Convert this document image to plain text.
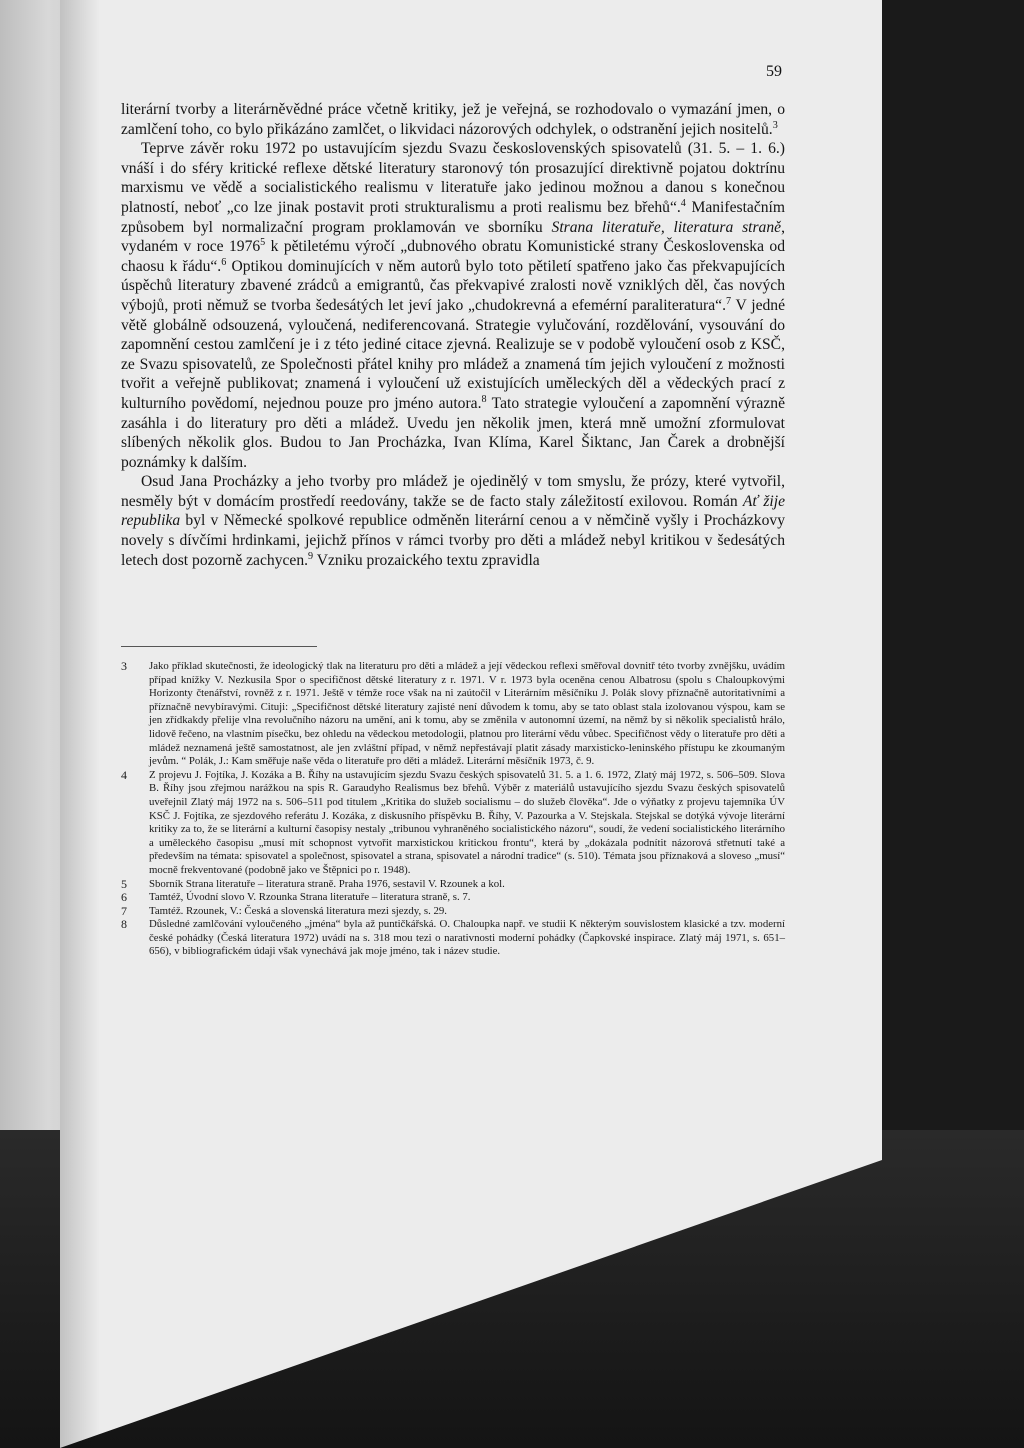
59

literární tvorby a literárněvědné práce včetně kritiky, jež je veřejná, se rozhodovalo o vymazání jmen, o zamlčení toho, co bylo přikázáno zamlčet, o likvidaci názorových odchylek, o odstranění jejich nositelů.$^3$

Teprve závěr roku 1972 po ustavujícím sjezdu Svazu československých spisovatelů (31. 5. – 1. 6.) vnáší i do sféry kritické reflexe dětské literatury staronový tón prosazující direktivně pojatou doktrínu marxismu ve vědě a socialistického realismu v literatuře jako jedinou možnou a danou s konečnou platností, neboť „co lze jinak postavit proti strukturalismu a proti realismu bez břehů“.$^4$ Manifestačním způsobem byl normalizační program proklamován ve sborníku Strana literatuře, literatura straně, vydaném v roce 1976$^5$ k pětiletému výročí „dubnového obratu Komunistické strany Československa od chaosu k řádu“.$^6$ Optikou dominujících v něm autorů bylo toto pětiletí spatřeno jako čas překvapujících úspěchů literatury zbavené zrádců a emigrantů, čas překvapivé zralosti nově vzniklých děl, čas nových výbojů, proti němuž se tvorba šedesátých let jeví jako „chudokrevná a efemérní paraliteratura“.$^7$ V jedné větě globálně odsouzená, vyloučená, nediferencovaná. Strategie vylučování, rozdělování, vysouvání do zapomnění cestou zamlčení je i z této jediné citace zjevná. Realizuje se v podobě vyloučení osob z KSČ, ze Svazu spisovatelů, ze Společnosti přátel knihy pro mládež a znamená tím jejich vyloučení z možnosti tvořit a veřejně publikovat; znamená i vyloučení už existujících uměleckých děl a vědeckých prací z kulturního povědomí, nejednou pouze pro jméno autora.$^8$ Tato strategie vyloučení a zapomnění výrazně zasáhla i do literatury pro děti a mládež. Uvedu jen několik jmen, která mně umožní zformulovat slíbených několik glos. Budou to Jan Procházka, Ivan Klíma, Karel Šiktanc, Jan Čarek a drobnější poznámky k dalším.

Osud Jana Procházky a jeho tvorby pro mládež je ojedinělý v tom smyslu, že prózy, které vytvořil, nesměly být v domácím prostředí reedovány, takže se de facto staly záležitostí exilovou. Román Ať žije republika byl v Německé spolkové republice odměněn literární cenou a v němčině vyšly i Procházkovy novely s dívčími hrdinkami, jejichž přínos v rámci tvorby pro děti a mládež nebyl kritikou v šedesátých letech dost pozorně zachycen.$^9$ Vzniku prozaického textu zpravidla

3	Jako příklad skutečnosti, že ideologický tlak na literaturu pro děti a mládež a její vědeckou reflexi směřoval dovnitř této tvorby zvnějšku, uvádím případ knížky V. Nezkusila Spor o specifičnost dětské literatury z r. 1971. V r. 1973 byla oceněna cenou Albatrosu (spolu s Chaloupkovými Horizonty čtenářství, rovněž z r. 1971. Ještě v témže roce však na ni zaútočil v Literárním měsíčníku J. Polák slovy příznačně autoritativními a příznačně nevybíravými. Cituji: „Specifičnost dětské literatury zajisté není důvodem k tomu, aby se tato oblast stala izolovanou výspou, kam se jen zřídkakdy přelije vlna revolučního názoru na umění, ani k tomu, aby se změnila v autonomní území, na němž by si několik specialistů hrálo, lidově řečeno, na vlastním písečku, bez ohledu na vědeckou metodologii, platnou pro literární vědu vůbec. Specifičnost vědy o literatuře pro děti a mládež neznamená ještě samostatnost, ale jen zvláštní případ, v němž nepřestávají platit zásady marxisticko-leninského přístupu ke zkoumaným jevům. “ Polák, J.: Kam směřuje naše věda o literatuře pro děti a mládež. Literární měsíčník 1973, č. 9.
4	Z projevu J. Fojtíka, J. Kozáka a B. Říhy na ustavujícím sjezdu Svazu českých spisovatelů 31. 5. a 1. 6. 1972, Zlatý máj 1972, s. 506–509. Slova B. Říhy jsou zřejmou narážkou na spis R. Garaudyho Realismus bez břehů. Výběr z materiálů ustavujícího sjezdu Svazu českých spisovatelů uveřejnil Zlatý máj 1972 na s. 506–511 pod titulem „Kritika do služeb socialismu – do služeb člověka“. Jde o výňatky z projevu tajemníka ÚV KSČ J. Fojtíka, ze sjezdového referátu J. Kozáka, z diskusního příspěvku B. Říhy, V. Pazourka a V. Stejskala. Stejskal se dotýká vývoje literární kritiky za to, že se literární a kulturní časopisy nestaly „tribunou vyhraněného socialistického názoru“, soudí, že vedení socialistického literárního a uměleckého časopisu „musí mít schopnost vytvořit marxistickou kritickou frontu“, která by „dokázala podnítit názorová střetnutí také a především na témata: spisovatel a společnost, spisovatel a strana, spisovatel a národní tradice“ (s. 510). Témata jsou příznaková a sloveso „musí“ mocně frekventované (podobně jako ve Štěpnici po r. 1948).
5	Sborník Strana literatuře – literatura straně. Praha 1976, sestavil V. Rzounek a kol.
6	Tamtéž, Úvodní slovo V. Rzounka Strana literatuře – literatura straně, s. 7.
7	Tamtéž. Rzounek, V.: Česká a slovenská literatura mezi sjezdy, s. 29.
8	Důsledné zamlčování vyloučeného „jména“ byla až puntičkářská. O. Chaloupka např. ve studii K některým souvislostem klasické a tzv. moderní české pohádky (Česká literatura 1972) uvádí na s. 318 mou tezi o narativnosti moderní pohádky (Čapkovské inspirace. Zlatý máj 1971, s. 651–656), v bibliografickém údaji však vynechává jak moje jméno, tak i název studie.
